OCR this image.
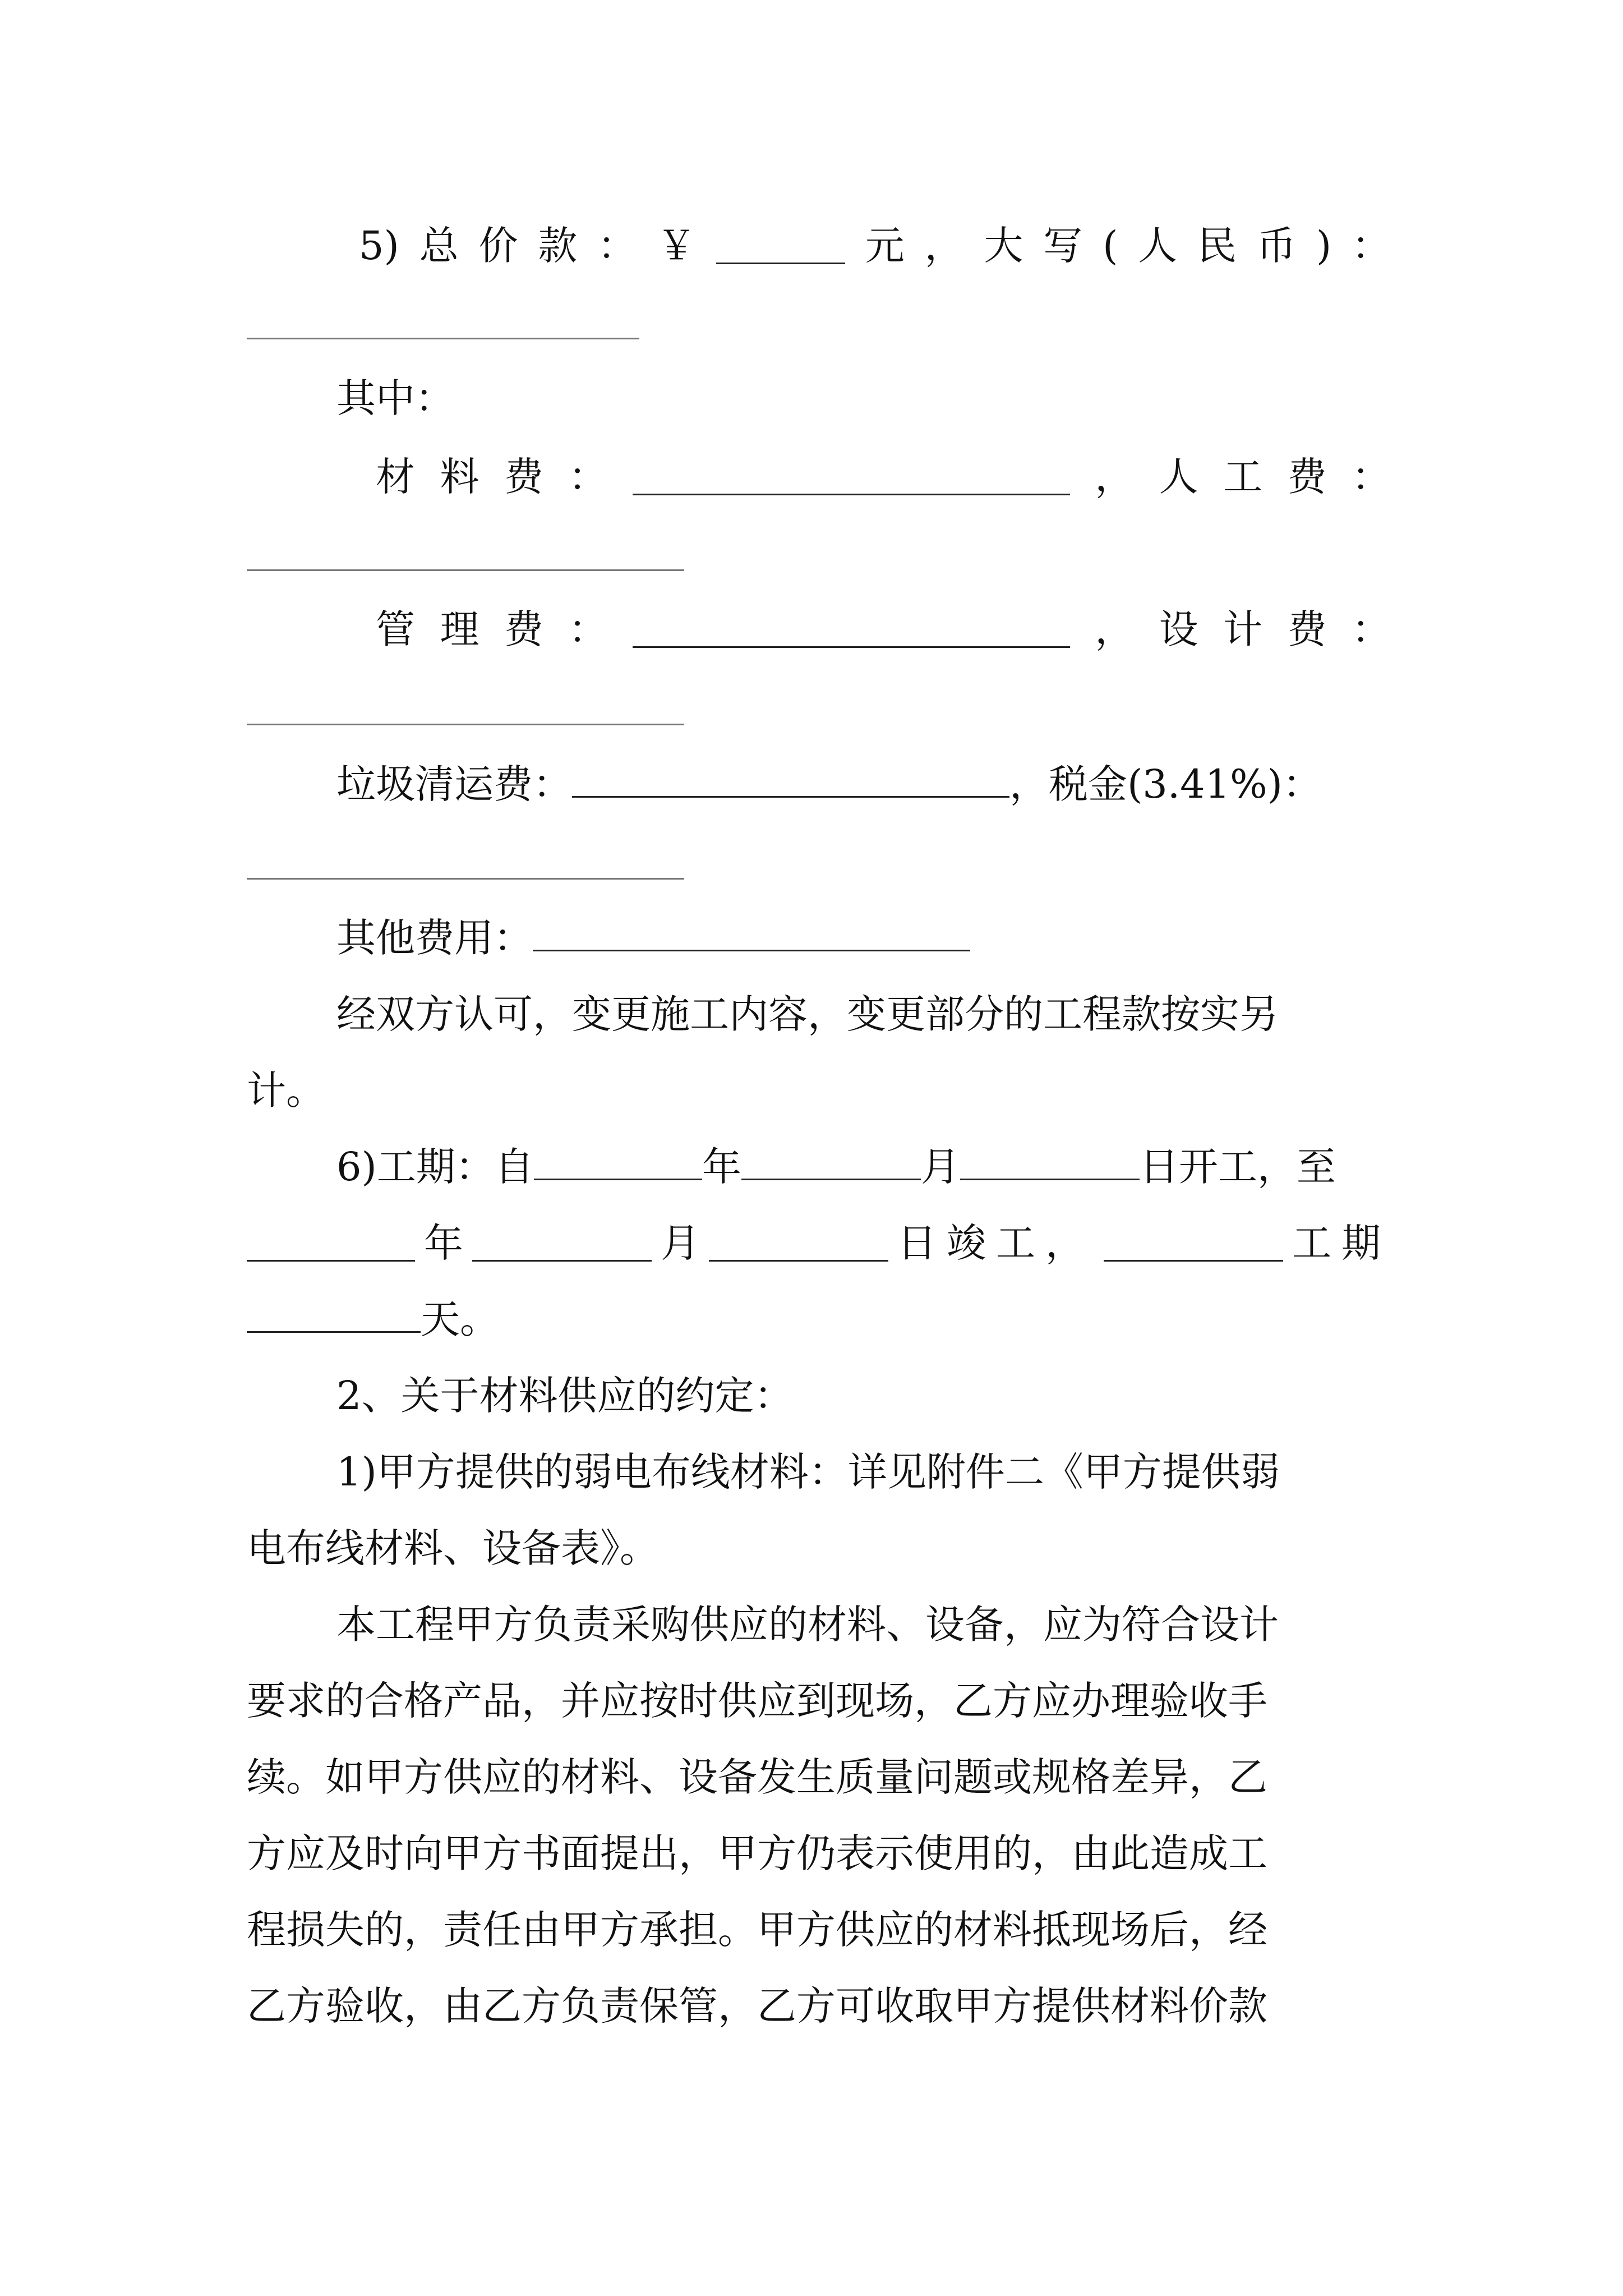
5) 总 价 款 ： ￥	元 ， 大 写 ( 人 民 币 ) ：
其中：
材 料 费 ：	， 人 工 费 ：
管 理 费 ：	， 设 计 费 ：
垃圾清运费：	，税金(3.41%)：
其他费用：
经双方认可，变更施工内容，变更部分的工程款按实另
计。
6)工期：自	年	月	日开工，至
年	月	日竣工，	工期
天。
2、关于材料供应的约定：
1)甲方提供的弱电布线材料：详见附件二《甲方提供弱
电布线材料、设备表》。
本工程甲方负责采购供应的材料、设备，应为符合设计
要求的合格产品，并应按时供应到现场，乙方应办理验收手
续。如甲方供应的材料、设备发生质量问题或规格差异，乙
方应及时向甲方书面提出，甲方仍表示使用的，由此造成工
程损失的，责任由甲方承担。甲方供应的材料抵现场后，经
乙方验收，由乙方负责保管，乙方可收取甲方提供材料价款
